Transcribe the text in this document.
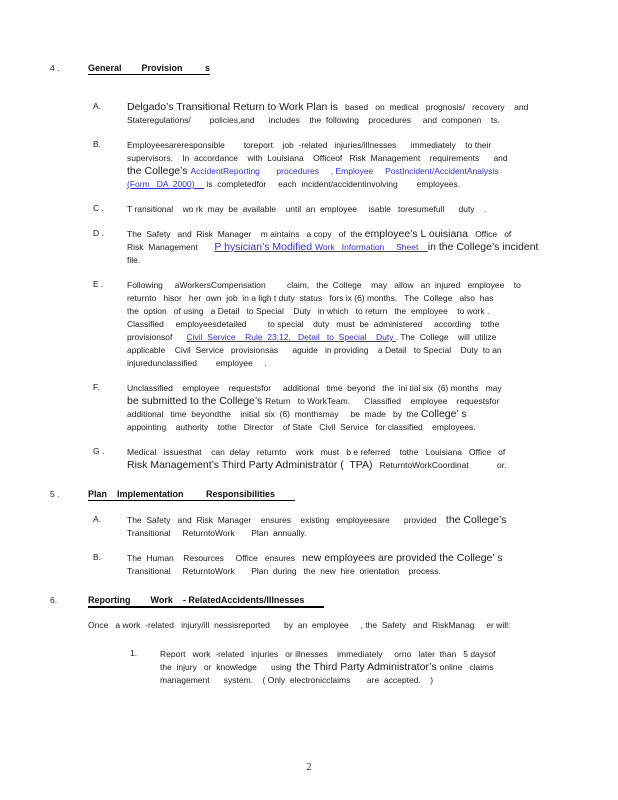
4 .	General        Provision         s
A. Delgado’s Transitional Return to Work Plan is   based   on  medical   prognosis/   recovery    and
Stateregulations/        policies,and      includes    the  following    procedures     and  componen    ts.
B.	Employeesareresponsible        toreport    job  -related   injuries/illnesses      immediately    to their
supervisors.    In  accordance    with  Louisiana    Officeof   Risk  Management    requirements      and
the College’s AccidentReporting       procedures     , Employee     PostIncident/AccidentAnalysis
(Form   DA  2000)     is  completedfor     each  incident/accidentinvolving        employees.
C .	T ransitional    wo rk  may  be  available    until  an  employee     isable   toresumefull      duty    .
D .	The  Safety   and  Risk  Manager    m aintains   a copy   of  the employee’s L ouisiana   Office   of
Risk  Management       P hysician’s Modified Work   Information     Sheet    in the College’s incident
file.
E .	Following     aWorkersCompensation         claim,   the  College    may   allow   an  injured   employee    to
returnto   hisor   her  own  job  in a ligh t duty  status   fors ix (6) months.   The  College   also  has
the  option   of using   a Detail   to Special    Duty   in which   to return   the  employee    to work .
Classified     employeesdetailed         to special    duty   must  be  administered     according    tothe
provisionsof      Civil  Service    Rule  23:12,   Detail   to  Special    Duty . The  College    will  utilize
applicable    Civil  Service   provisionsas      aguide   in providing    a Detail   to Special    Duty  to an
injuredunclassified        employee     .
F.	Unclassified    employee    requestsfor     additional   time  beyond   the  ini tial six  (6) months   may
be submitted to the College’s Return   to WorkTeam.      Classified    employee    requestsfor
additional   time  beyondthe    initial  six  (6)  monthsmay     be  made   by  the College’ s
appointing    authority    tothe   Director    of State   Civil  Service   for classified    employees.
G .	Medical   issuesthat    can  delay   returnto    work   must   b e referred    tothe   Louisiana   Office   of
Risk Management’s Third Party Administrator (  TPA)   ReturntoWorkCoordinat            or.
5 .	Plan    Implementation         Responsibilities
A.	The  Safety   and  Risk  Manager    ensures    existing   employeesare      provided    the College’s
Transitional     ReturntoWork       Plan  annually.
B.	The  Human    Resources     Office   ensures   new employees are provided the College’ s
Transitional     ReturntoWork       Plan  during   the  new  hire  orientation    process.
6.	Reporting        Work    - RelatedAccidents/Illnesses
Once   a work  -related   injury/ill  nessisreported      by  an  employee     , the  Safety   and  RiskManag     er will:
1.	Report   work  -related   injuries   or illnesses    immediately     orno   later  than   5 daysof
the  injury   or  knowledge      using  the Third Party Administrator’s online   claims
management      system.    ( Only  electronicclaims       are  accepted.    )
2
